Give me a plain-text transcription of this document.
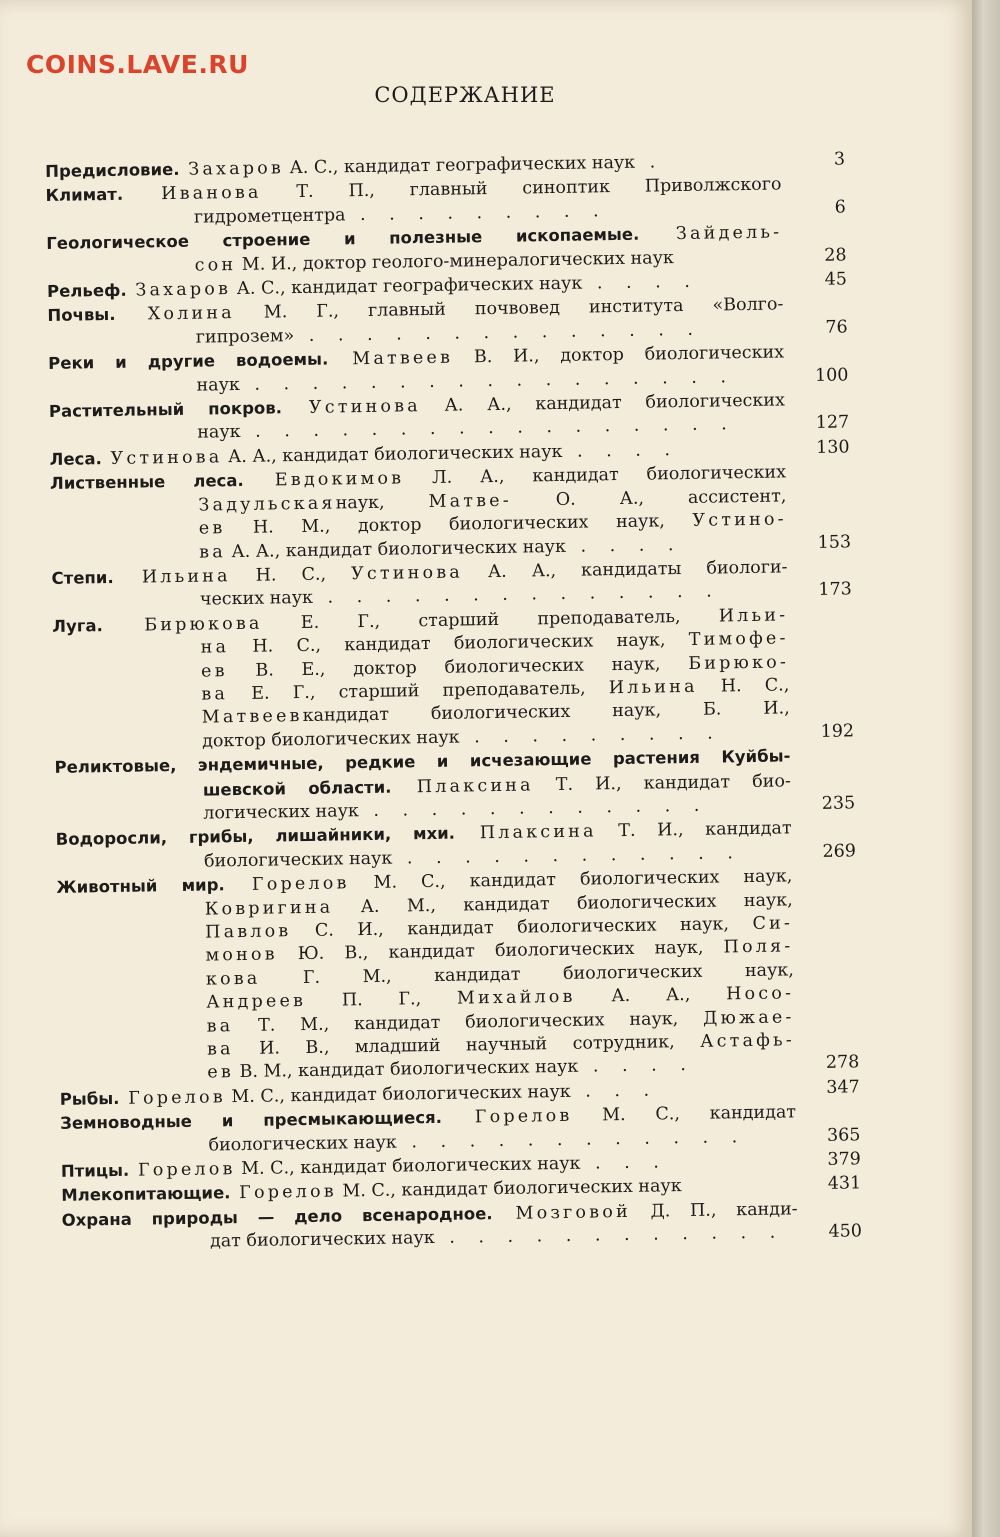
COINS.LAVE.RU
СОДЕРЖАНИЕ
Предисловие. Захаров А. С., кандидат географических наук .	3
Климат. Иванова Т. П., главный синоптик Приволжского
гидрометцентра . . . . . . . . .	6
Геологическое строение и полезные ископаемые. Зайдель-
сон М. И., доктор геолого-минералогических наук	28
Рельеф. Захаров А. С., кандидат географических наук . . . .	45
Почвы. Холина М. Г., главный почвовед института «Волго-
гипрозем» . . . . . . . . . . . . . .	76
Реки и другие водоемы. Матвеев В. И., доктор биологических
наук . . . . . . . . . . . . . . . . .	100
Растительный покров. Устинова А. А., кандидат биологических
наук . . . . . . . . . . . . . . . . .	127
Леса. Устинова А. А., кандидат биологических наук . . . .	130
Лиственные леса. Евдокимов Л. А., кандидат биологических
Задульскаянаук, Матве- О. А., ассистент,
ев Н. М., доктор биологических наук, Устино-
ва А. А., кандидат биологических наук . . . .	153
Степи. Ильина Н. С., Устинова А. А., кандидаты биологи-
ческих наук . . . . . . . . . . . . . .	173
Луга. Бирюкова Е. Г., старший преподаватель, Ильи-
на Н. С., кандидат биологических наук, Тимофе-
ев В. Е., доктор биологических наук, Бирюко-
ва Е. Г., старший преподаватель, Ильина Н. С.,
Матвеевкандидат биологических наук, Б. И.,
доктор биологических наук . . . . . . . . .	192
Реликтовые, эндемичные, редкие и исчезающие растения Куйбы-
шевской области. Плаксина Т. И., кандидат био-
логических наук . . . . . . . . . . . .	235
Водоросли, грибы, лишайники, мхи. Плаксина Т. И., кандидат
биологических наук . . . . . . . . . . . .	269
Животный мир. Горелов М. С., кандидат биологических наук,
Ковригина А. М., кандидат биологических наук,
Павлов С. И., кандидат биологических наук, Си-
монов Ю. В., кандидат биологических наук, Поля-
кова Г. М., кандидат биологических наук,
Андреев П. Г., Михайлов А. А., Носо-
ва Т. М., кандидат биологических наук, Дюжае-
ва И. В., младший научный сотрудник, Астафь-
ев В. М., кандидат биологических наук . . . .	278
Рыбы. Горелов М. С., кандидат биологических наук . . .	347
Земноводные и пресмыкающиеся. Горелов М. С., кандидат
биологических наук . . . . . . . . . . . .	365
Птицы. Горелов М. С., кандидат биологических наук . . .	379
Млекопитающие. Горелов М. С., кандидат биологических наук	431
Охрана природы — дело всенародное. Мозговой Д. П., канди-
дат биологических наук . . . . . . . . . . . .	450
